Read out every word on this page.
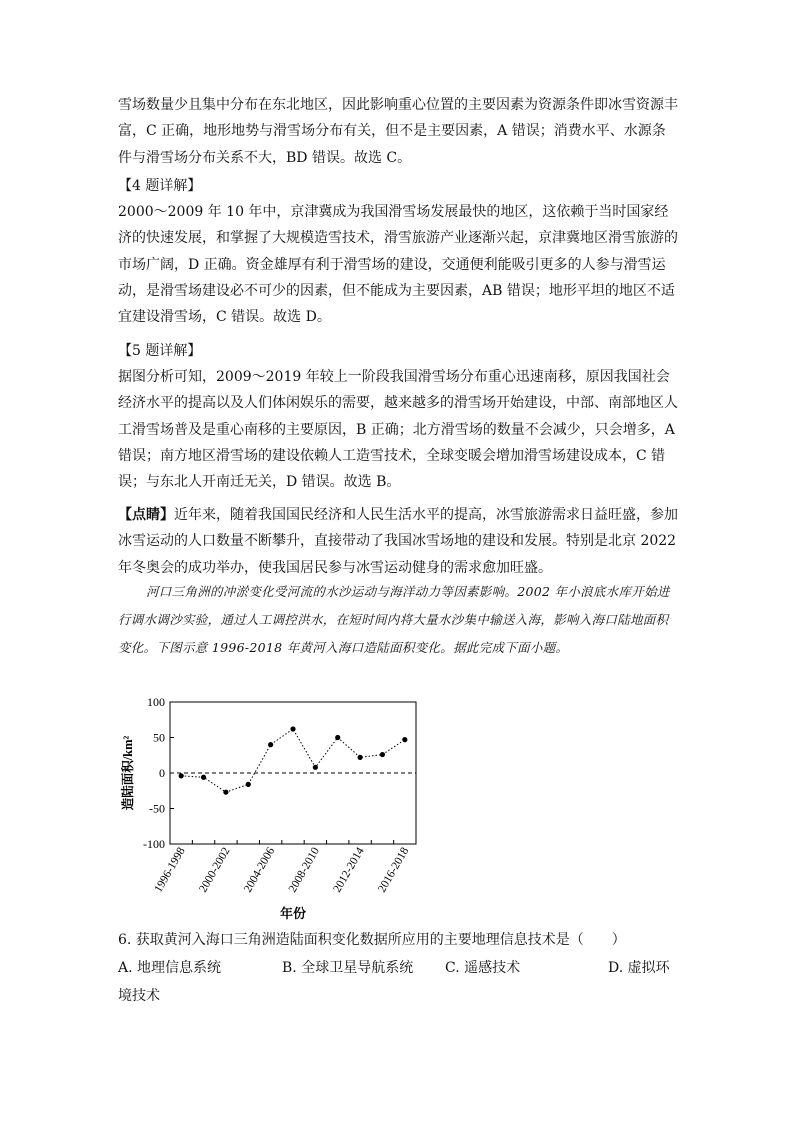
雪场数量少且集中分布在东北地区，因此影响重心位置的主要因素为资源条件即冰雪资源丰富，C 正确，地形地势与滑雪场分布有关，但不是主要因素，A 错误；消费水平、水源条件与滑雪场分布关系不大，BD 错误。故选 C。

【4 题详解】

2000～2009 年 10 年中，京津冀成为我国滑雪场发展最快的地区，这依赖于当时国家经济的快速发展，和掌握了大规模造雪技术，滑雪旅游产业逐渐兴起，京津冀地区滑雪旅游的市场广阔，D 正确。资金雄厚有利于滑雪场的建设，交通便利能吸引更多的人参与滑雪运动，是滑雪场建设必不可少的因素，但不能成为主要因素，AB 错误；地形平坦的地区不适宜建设滑雪场，C 错误。故选 D。

【5 题详解】

据图分析可知，2009～2019 年较上一阶段我国滑雪场分布重心迅速南移，原因我国社会经济水平的提高以及人们体闲娱乐的需要，越来越多的滑雪场开始建设，中部、南部地区人工滑雪场普及是重心南移的主要原因，B 正确；北方滑雪场的数量不会减少，只会增多，A 错误；南方地区滑雪场的建设依赖人工造雪技术，全球变暖会增加滑雪场建设成本，C 错误；与东北人开南迁无关，D 错误。故选 B。

【点睛】近年来，随着我国国民经济和人民生活水平的提高，冰雪旅游需求日益旺盛，参加冰雪运动的人口数量不断攀升，直接带动了我国冰雪场地的建设和发展。特别是北京 2022 年冬奥会的成功举办，使我国居民参与冰雪运动健身的需求愈加旺盛。

河口三角洲的冲淤变化受河流的水沙运动与海洋动力等因素影响。2002 年小浪底水库开始进行调水调沙实验，通过人工调控洪水，在短时间内将大量水沙集中输送入海，影响入海口陆地面积变化。下图示意 1996-2018 年黄河入海口造陆面积变化。据此完成下面小题。

造陆面积/km²
100
50
0
-50
-100
1996-1998 2000-2002 2004-2006 2008-2010 2012-2014 2016-2018
年份
6. 获取黄河入海口三角洲造陆面积变化数据所应用的主要地理信息技术是（　　）
A. 地理信息系统	B. 全球卫星导航系统 C. 遥感技术	D. 虚拟环
境技术
